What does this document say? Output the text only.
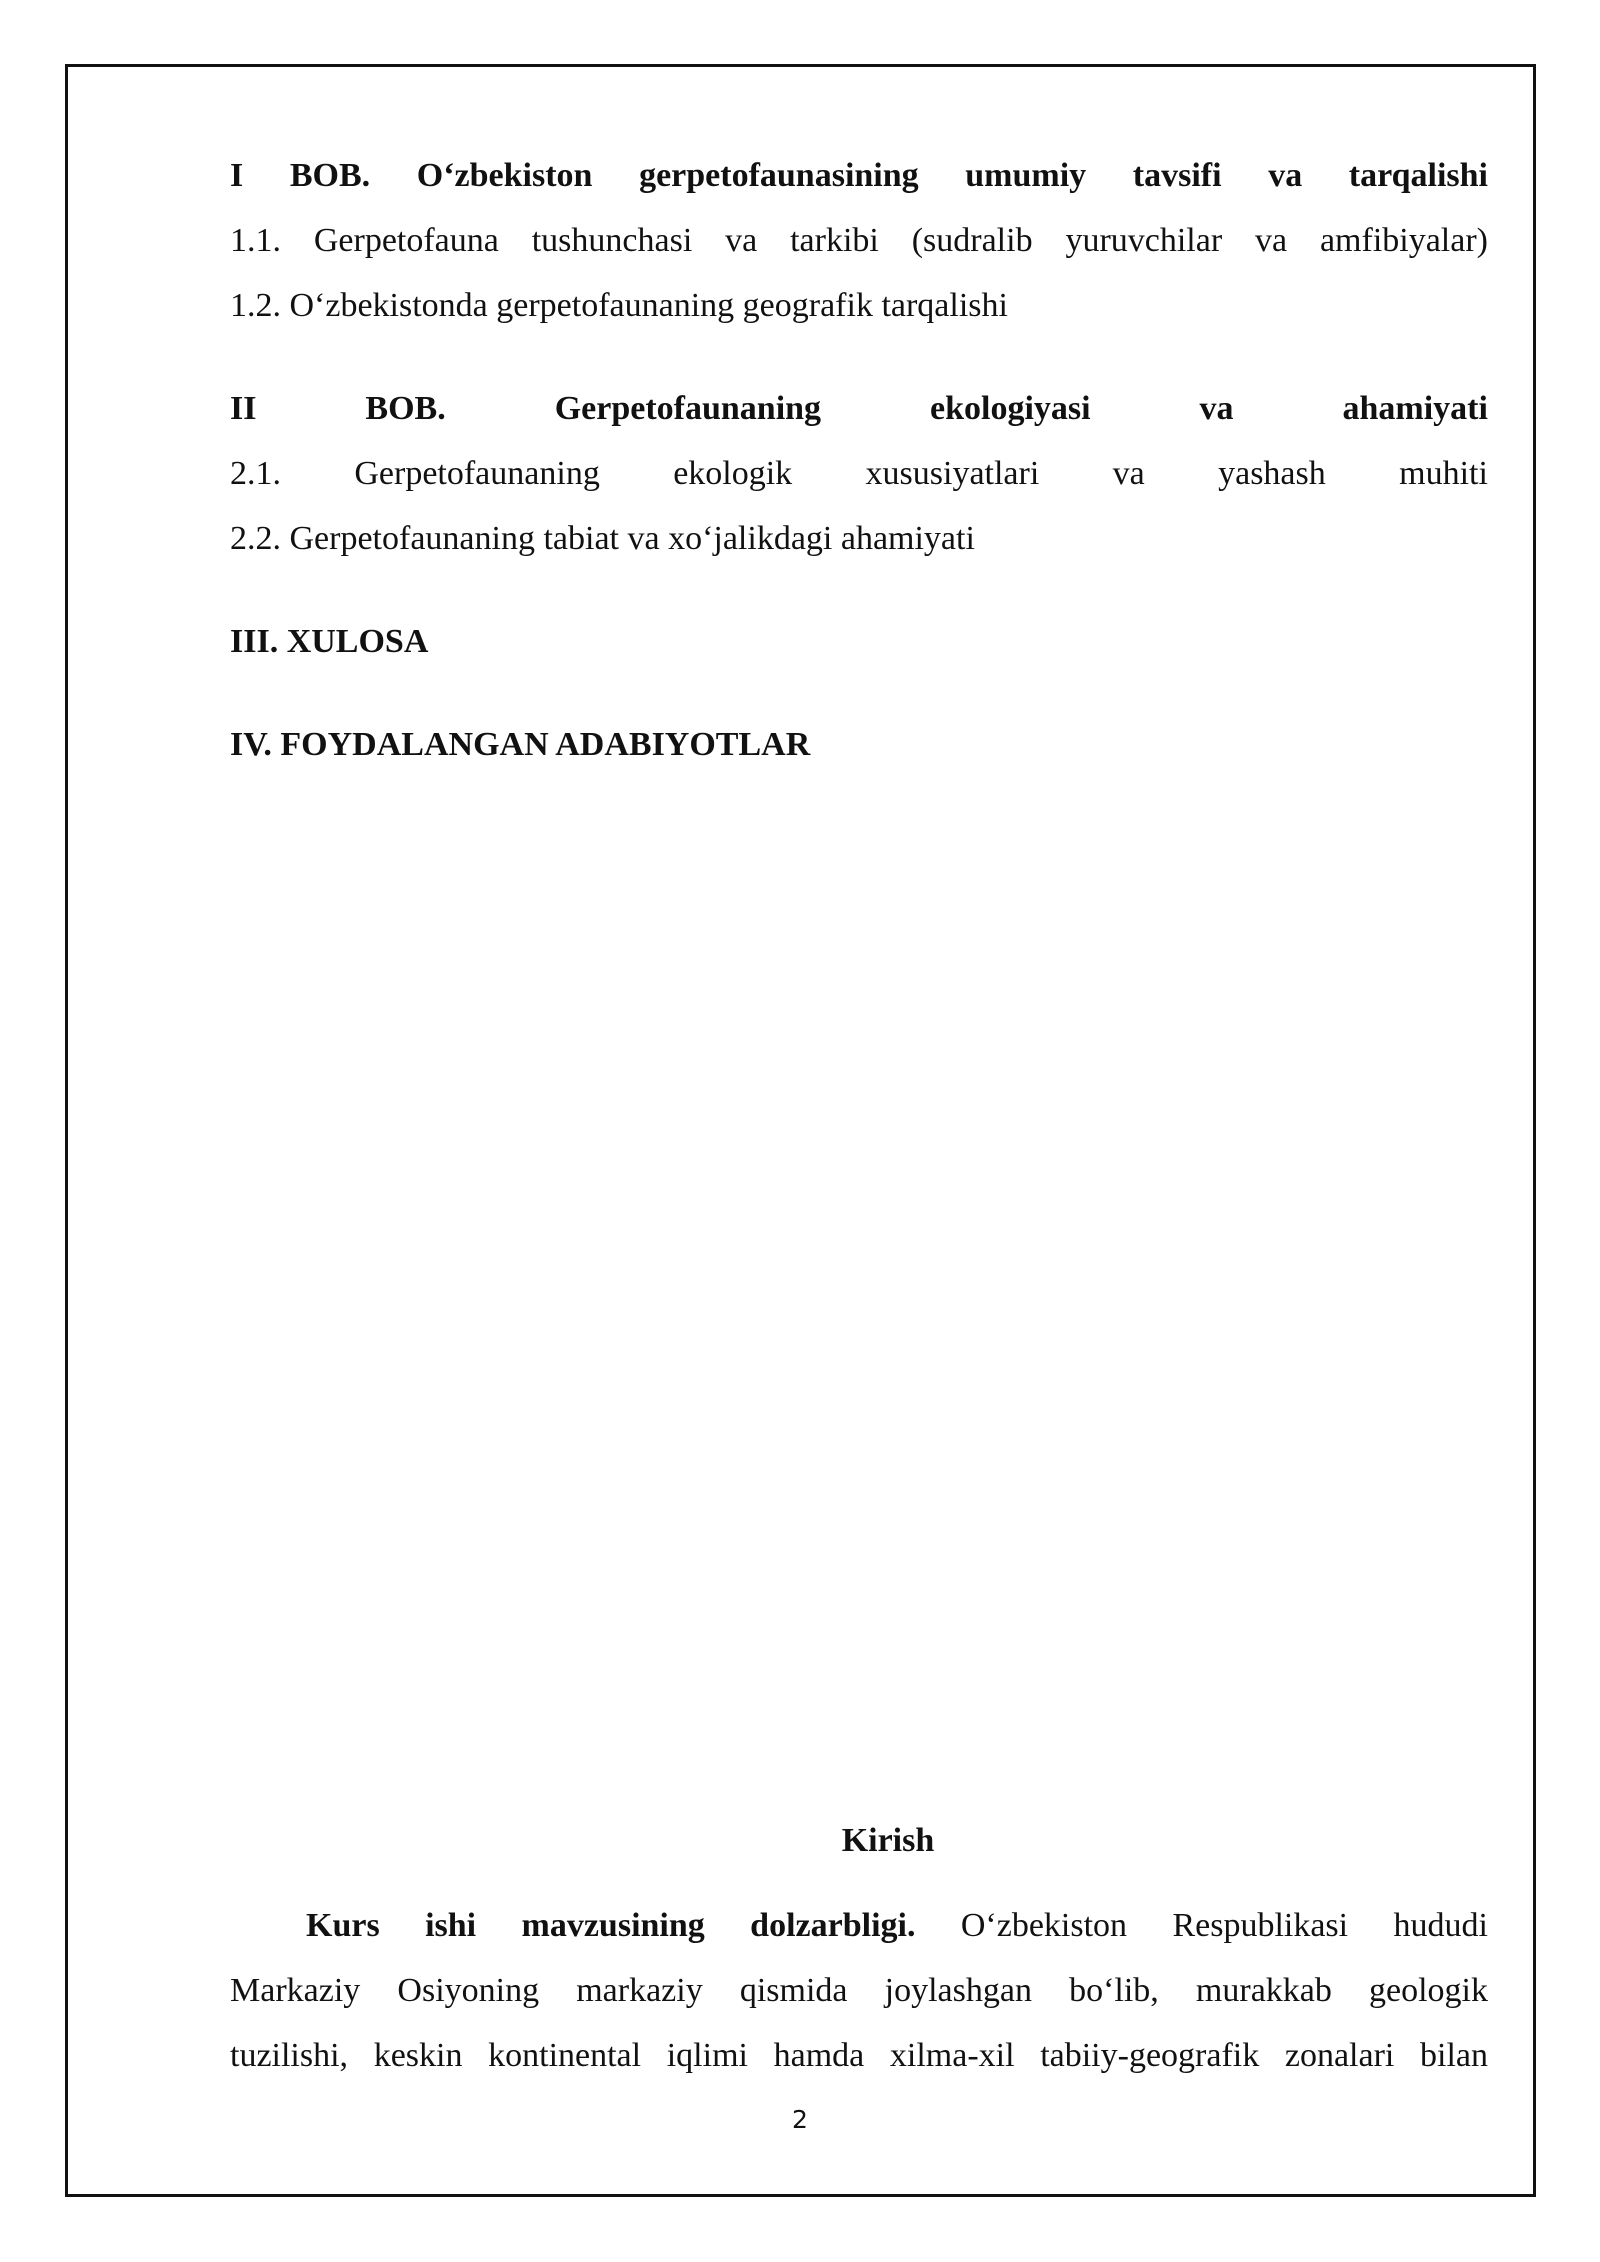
I BOB. O‘zbekiston gerpetofaunasining umumiy tavsifi va tarqalishi
1.1. Gerpetofauna tushunchasi va tarkibi (sudralib yuruvchilar va amfibiyalar)
1.2. O‘zbekistonda gerpetofaunaning geografik tarqalishi
II	BOB.	Gerpetofaunaning	ekologiyasi	va	ahamiyati
2.1. Gerpetofaunaning ekologik xususiyatlari va yashash muhiti
2.2. Gerpetofaunaning tabiat va xo‘jalikdagi ahamiyati
III. XULOSA
IV. FOYDALANGAN ADABIYOTLAR
Kirish
Kurs ishi mavzusining dolzarbligi. O‘zbekiston Respublikasi hududi
Markaziy Osiyoning markaziy qismida joylashgan bo‘lib, murakkab geologik
tuzilishi, keskin kontinental iqlimi hamda xilma-xil tabiiy-geografik zonalari bilan
2
